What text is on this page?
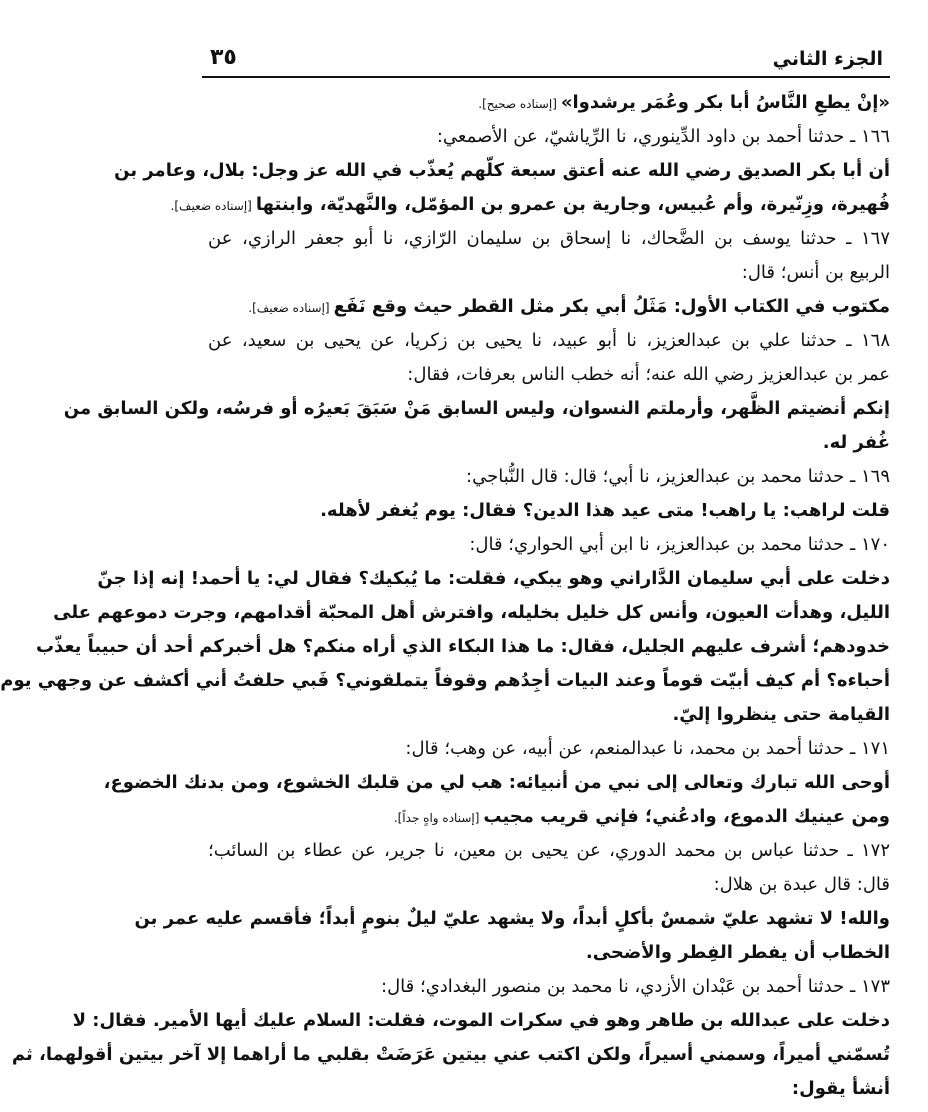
الجزء الثاني
٣٥
«إنْ يطعِ النَّاسُ أبا بكر وعُمَر يرشدوا»[إسناده صحيح].
١٦٦ ـ حدثنا أحمد بن داود الدِّينوري، نا الرِّياشيّ، عن الأصمعي:
أن أبا بكر الصديق رضي الله عنه أعتق سبعة كلّهم يُعذّب في الله عز وجل: بلال، وعامر بن
فُهيرة، وزِنّيرة، وأم عُبيس، وجارية بن عمرو بن المؤمّل، والنَّهديّة، وابنتها[إسناده ضعيف].
١٦٧ ـ حدثنا يوسف بن الضَّحاك، نا إسحاق بن سليمان الرّازي، نا أبو جعفر الرازي، عن
الربيع بن أنس؛ قال:
مكتوب في الكتاب الأول: مَثَلُ أبي بكر مثل القطر حيث وقع نَفَع[إسناده ضعيف].
١٦٨ ـ حدثنا علي بن عبدالعزيز، نا أبو عبيد، نا يحيى بن زكريا، عن يحيى بن سعيد، عن
عمر بن عبدالعزيز رضي الله عنه؛ أنه خطب الناس بعرفات، فقال:
إنكم أنضيتم الظَّهر، وأرملتم النسوان، وليس السابق مَنْ سَبَقَ بَعيرُه أو فرسُه، ولكن السابق من
غُفر له.
١٦٩ ـ حدثنا محمد بن عبدالعزيز، نا أبي؛ قال: قال النُّباجي:
قلت لراهب: يا راهب! متى عيد هذا الدين؟ فقال: يوم يُغفر لأهله.
١٧٠ ـ حدثنا محمد بن عبدالعزيز، نا ابن أبي الحواري؛ قال:
دخلت على أبي سليمان الدَّاراني وهو يبكي، فقلت: ما يُبكيك؟ فقال لي: يا أحمد! إنه إذا جنّ
الليل، وهدأت العيون، وأنس كل خليل بخليله، وافترش أهل المحبّة أقدامهم، وجرت دموعهم على
خدودهم؛ أشرف عليهم الجليل، فقال: ما هذا البكاء الذي أراه منكم؟ هل أخبركم أحد أن حبيباً يعذّب
أحباءه؟ أم كيف أبيّت قوماً وعند البيات أجِدُهم وقوفاً يتملقوني؟ فَبي حلفتُ أني أكشف عن وجهي يوم
القيامة حتى ينظروا إليّ.
١٧١ ـ حدثنا أحمد بن محمد، نا عبدالمنعم، عن أبيه، عن وهب؛ قال:
أوحى الله تبارك وتعالى إلى نبي من أنبيائه: هب لي من قلبك الخشوع، ومن بدنك الخضوع،
ومن عينيك الدموع، وادعُني؛ فإني قريب مجيب[إسناده واهٍ جداً].
١٧٢ ـ حدثنا عباس بن محمد الدوري، عن يحيى بن معين، نا جرير، عن عطاء بن السائب؛
قال: قال عبدة بن هلال:
والله! لا تشهد عليّ شمسٌ بأكلٍ أبداً، ولا يشهد عليّ ليلٌ بنومٍ أبداً؛ فأقسم عليه عمر بن
الخطاب أن يفطر الفِطر والأضحى.
١٧٣ ـ حدثنا أحمد بن عَبْدان الأزدي، نا محمد بن منصور البغدادي؛ قال:
دخلت على عبدالله بن طاهر وهو في سكرات الموت، فقلت: السلام عليك أيها الأمير. فقال: لا
تُسمّني أميراً، وسمني أسيراً، ولكن اكتب عني بيتين عَرَضَتْ بقلبي ما أراهما إلا آخر بيتين أقولهما، ثم
أنشأ يقول:
